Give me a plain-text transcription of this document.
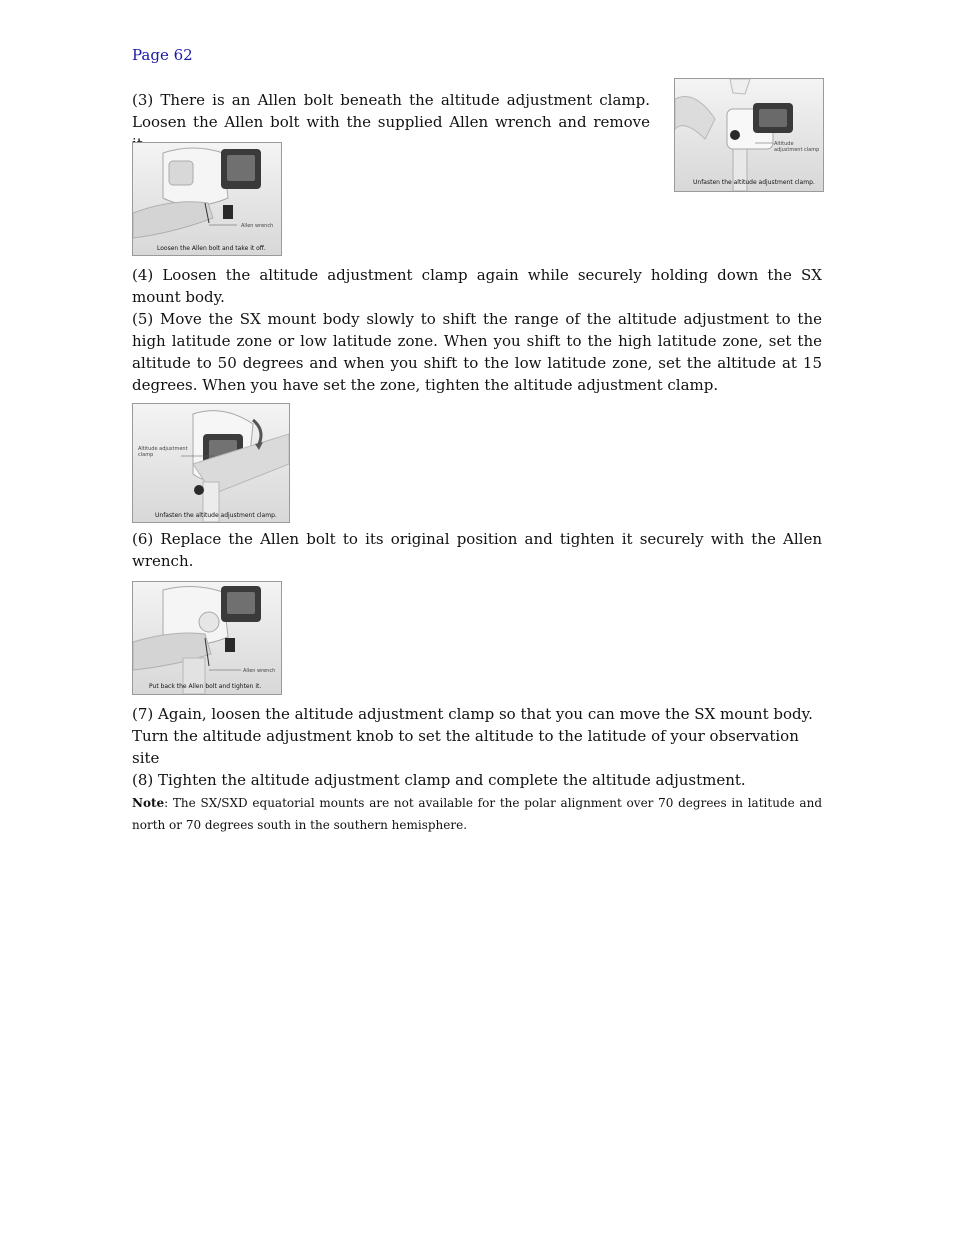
Page 62

(3) There is an Allen bolt beneath the altitude adjustment clamp. Loosen the Allen bolt with the supplied Allen wrench and remove

Altitude adjustment clamp
Unfasten the altitude adjustment clamp.
Allen wrench
Loosen the Allen bolt and take it off.
(4) Loosen the altitude adjustment clamp again while securely holding down the SX mount body.
(5) Move the SX mount body slowly to shift the range of the altitude adjustment to the high latitude zone or low latitude zone. When you shift to the high latitude zone, set the altitude to 50 degrees and when you shift to the low latitude zone, set the altitude at 15 degrees. When you have set the zone, tighten the altitude adjustment clamp.
Altitude adjustment clamp
Unfasten the altitude adjustment clamp.

(6) Replace the Allen bolt to its original position and tighten it securely with the Allen wrench.

Allen wrench
Put back the Allen bolt and tighten it.
(7) Again, loosen the altitude adjustment clamp so that you can move the SX mount body. Turn the altitude adjustment knob to set the altitude to the latitude of your observation site
(8) Tighten the altitude adjustment clamp and complete the altitude adjustment.

Note: The SX/SXD equatorial mounts are not available for the polar alignment over 70 degrees in latitude and north or 70 degrees south in the southern hemisphere.
